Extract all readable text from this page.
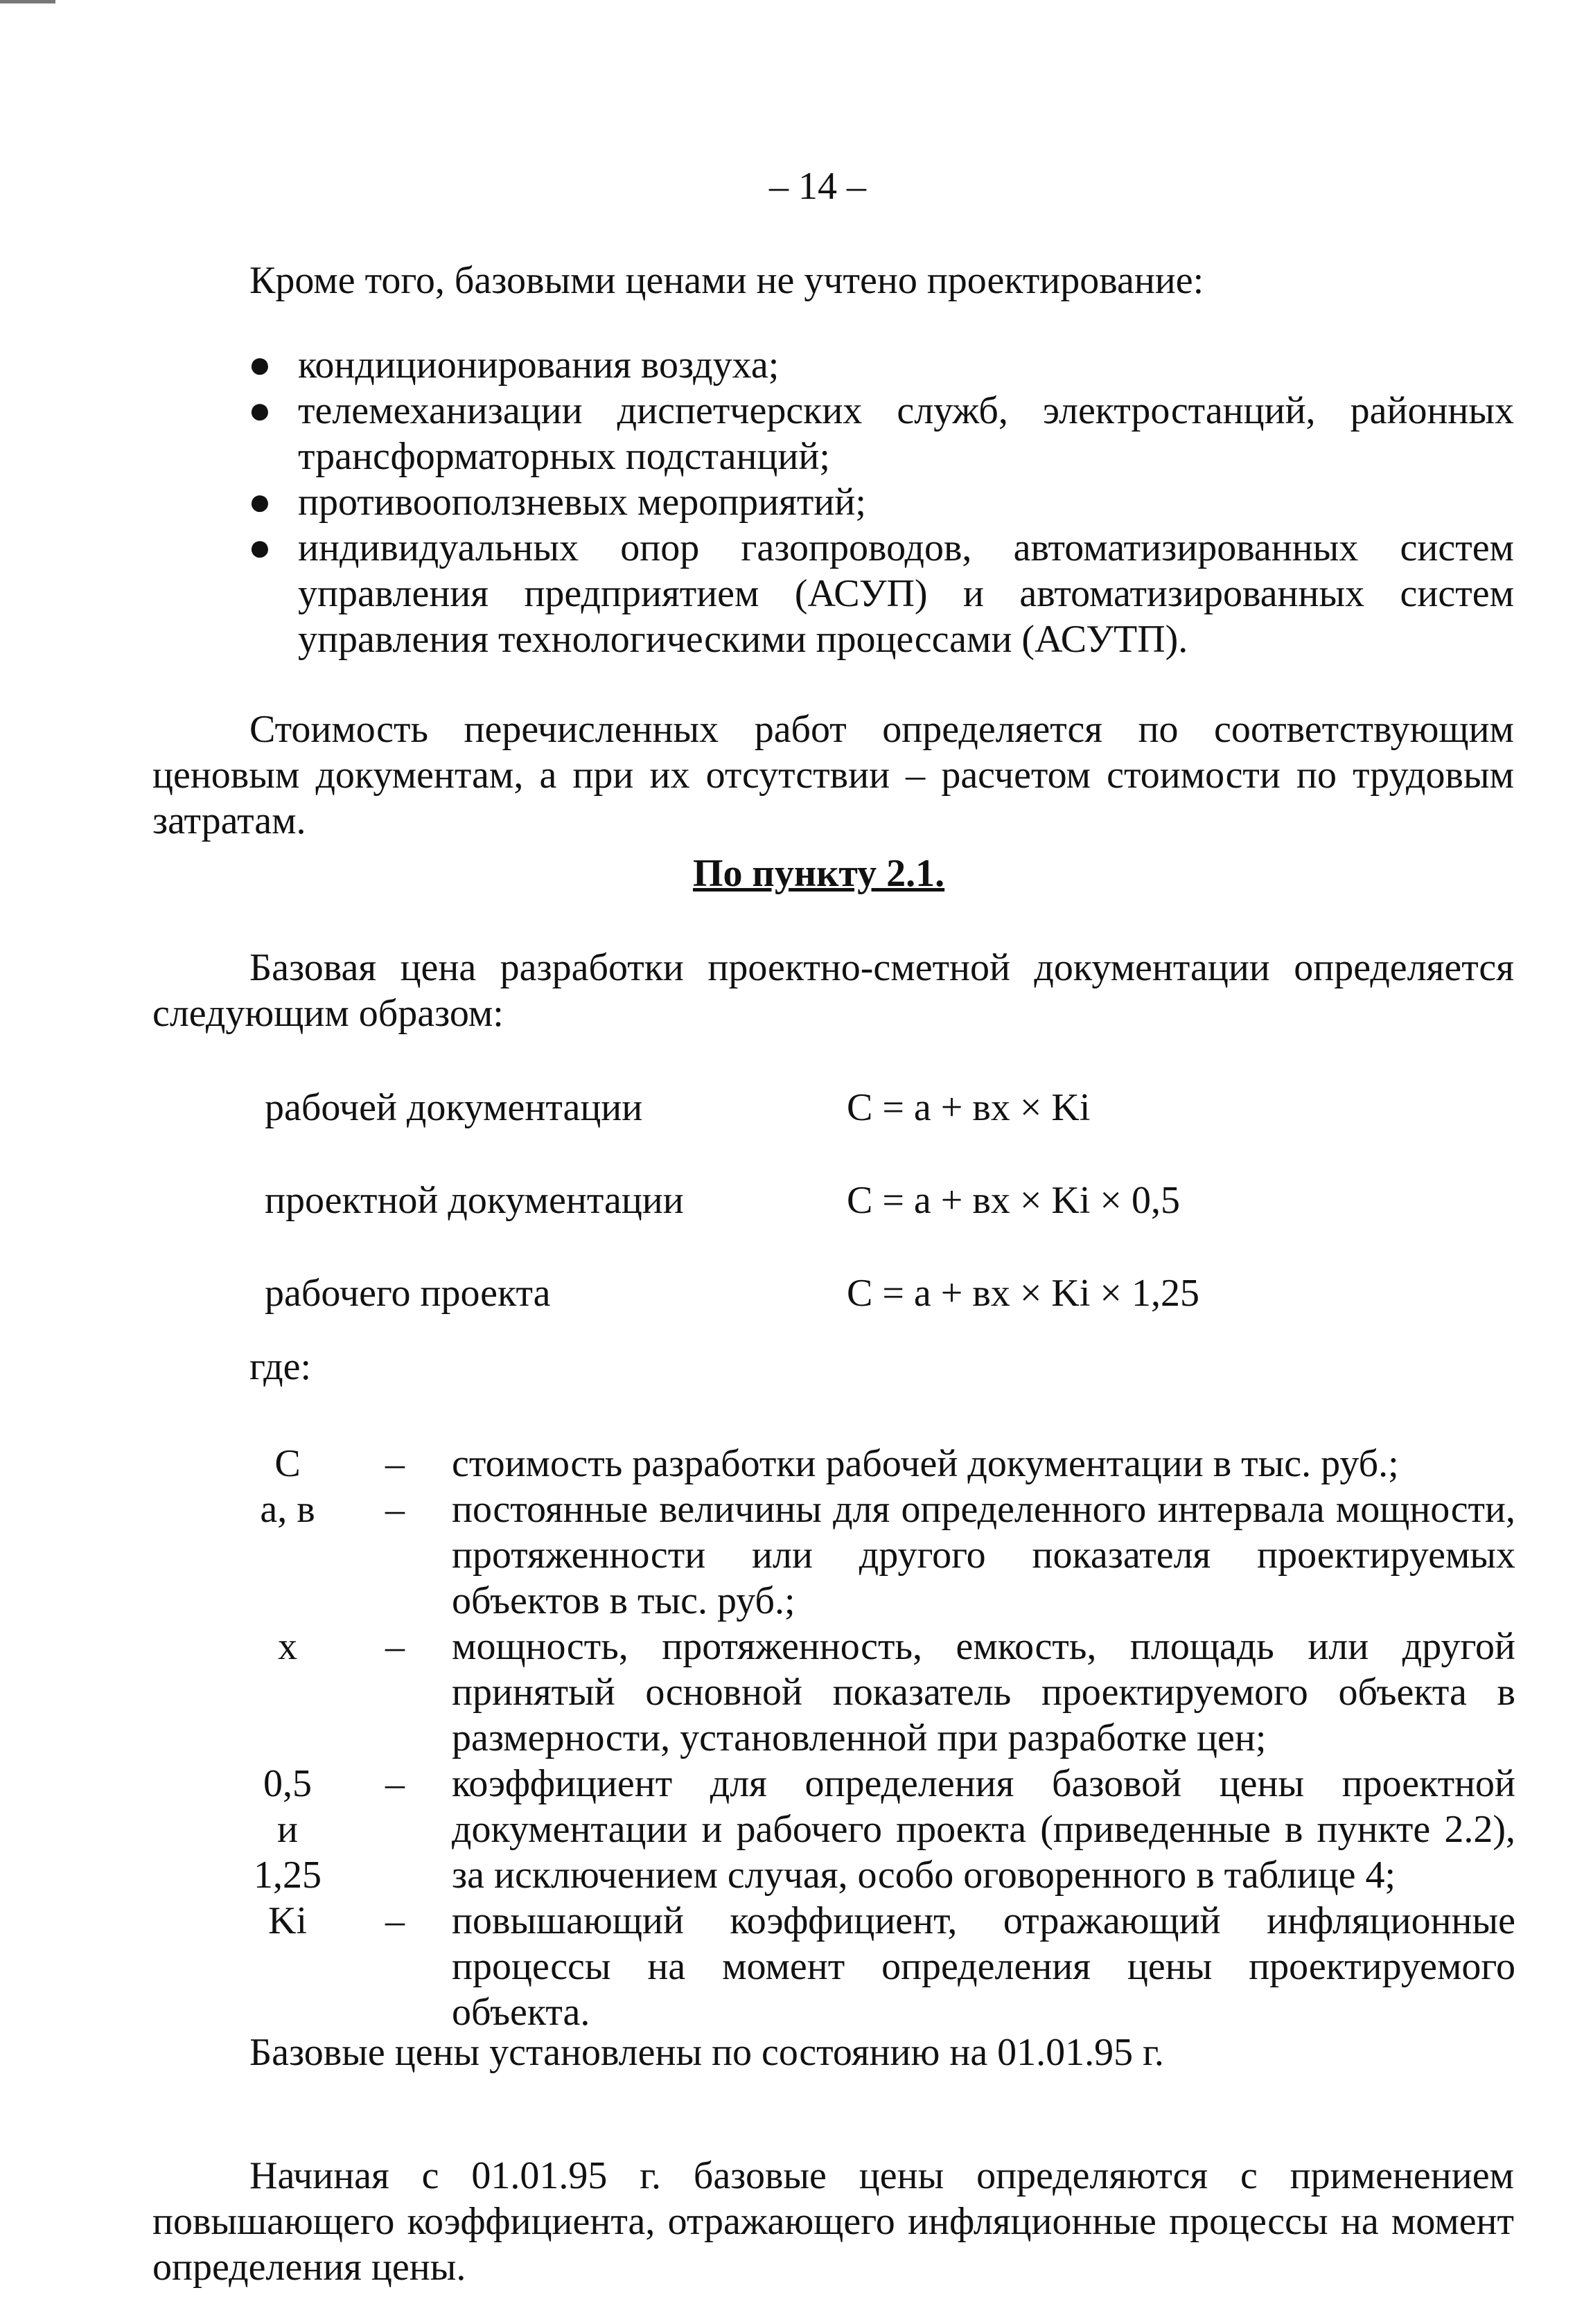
– 14 –
Кроме того, базовыми ценами не учтено проектирование:
● кондиционирования воздуха;
● телемеханизации диспетчерских служб, электростанций, районных трансформаторных подстанций;
● противооползневых мероприятий;
● индивидуальных опор газопроводов, автоматизированных систем управления предприятием (АСУП) и автоматизированных систем управления технологическими процессами (АСУТП).
Стоимость перечисленных работ определяется по соответствующим ценовым документам, а при их отсутствии – расчетом стоимости по трудовым затратам.
По пункту 2.1.
Базовая цена разработки проектно-сметной документации определяется следующим образом:
рабочей документации	С = а + вх × Ki
проектной документации	С = а + вх × Ki × 0,5
рабочего проекта	С = а + вх × Ki × 1,25
где:
С	– стоимость разработки рабочей документации в тыс. руб.;
а, в – постоянные величины для определенного интервала мощности, протяженности или другого показателя проектируемых объектов в тыс. руб.;
х	– мощность, протяженность, емкость, площадь или другой принятый основной показатель проектируемого объекта в размерности, установленной при разработке цен;
0,5
и
1,25
– коэффициент для определения базовой цены проектной документации и рабочего проекта (приведенные в пункте 2.2), за исключением случая, особо оговоренного в таблице 4;
Ki	– повышающий коэффициент, отражающий инфляционные процессы на момент определения цены проектируемого объекта.
Базовые цены установлены по состоянию на 01.01.95 г.
Начиная с 01.01.95 г. базовые цены определяются с применением повышающего коэффициента, отражающего инфляционные процессы на момент определения цены.
